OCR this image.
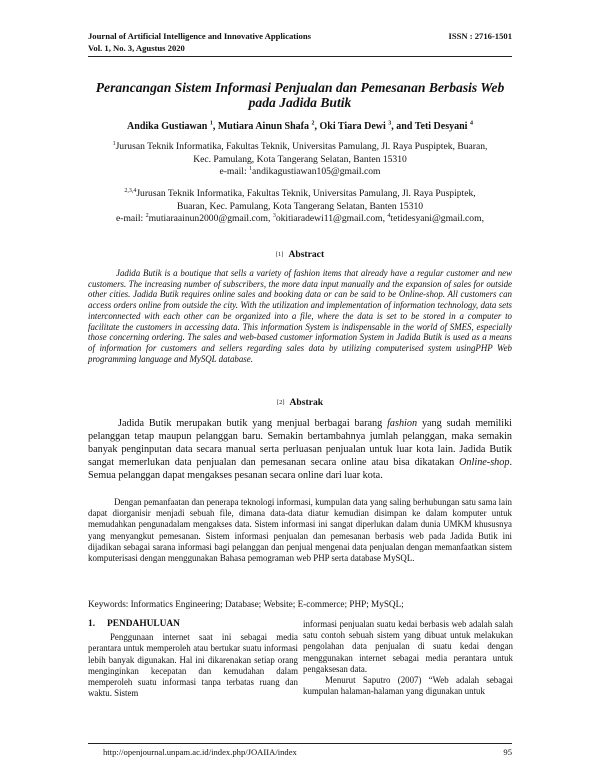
Journal of Artificial Intelligence and Innovative Applications
Vol. 1, No. 3, Agustus 2020
ISSN : 2716-1501
Perancangan Sistem Informasi Penjualan dan Pemesanan Berbasis Web pada Jadida Butik
Andika Gustiawan $^1$, Mutiara Ainun Shafa $^2$, Oki Tiara Dewi $^3$, and Teti Desyani $^4$
$^1$Jurusan Teknik Informatika, Fakultas Teknik, Universitas Pamulang, Jl. Raya Puspiptek, Buaran,
Kec. Pamulang, Kota Tangerang Selatan, Banten 15310
e-mail: $^1$andikagustiawan105@gmail.com
$^{2,3,4}$Jurusan Teknik Informatika, Fakultas Teknik, Universitas Pamulang, Jl. Raya Puspiptek,
Buaran, Kec. Pamulang, Kota Tangerang Selatan, Banten 15310
e-mail: $^2$mutiaraainun2000@gmail.com, $^3$okitiaradewi11@gmail.com, $^4$tetidesyani@gmail.com,
[1] Abstract

Jadida Butik is a boutique that sells a variety of fashion items that already have a regular customer and new customers. The increasing number of subscribers, the more data input manually and the expansion of sales for outside other cities. Jadida Butik requires online sales and booking data or can be said to be Online-shop. All customers can access orders online from outside the city. With the utilization and implementation of information technology, data sets interconnected with each other can be organized into a file, where the data is set to be stored in a computer to facilitate the customers in accessing data. This information System is indispensable in the world of SMES, especially those concerning ordering. The sales and web-based customer information System in Jadida Butik is used as a means of information for customers and sellers regarding sales data by utilizing computerised system usingPHP Web programming language and MySQL database.

[2] Abstrak

Jadida Butik merupakan butik yang menjual berbagai barang fashion yang sudah memiliki pelanggan tetap maupun pelanggan baru. Semakin bertambahnya jumlah pelanggan, maka semakin banyak penginputan data secara manual serta perluasan penjualan untuk luar kota lain. Jadida Butik sangat memerlukan data penjualan dan pemesanan secara online atau bisa dikatakan Online-shop. Semua pelanggan dapat mengakses pesanan secara online dari luar kota.

Dengan pemanfaatan dan penerapa teknologi informasi, kumpulan data yang saling berhubungan satu sama lain dapat diorganisir menjadi sebuah file, dimana data-data diatur kemudian disimpan ke dalam komputer untuk memudahkan pengunadalam mengakses data. Sistem informasi ini sangat diperlukan dalam dunia UMKM khususnya yang menyangkut pemesanan. Sistem informasi penjualan dan pemesanan berbasis web pada Jadida Butik ini dijadikan sebagai sarana informasi bagi pelanggan dan penjual mengenai data penjualan dengan memanfaatkan sistem komputerisasi dengan menggunakan Bahasa pemograman web PHP serta database MySQL.

Keywords: Informatics Engineering; Database; Website; E-commerce; PHP; MySQL;
1. PENDAHULUAN

Penggunaan internet saat ini sebagai media perantara untuk memperoleh atau bertukar suatu informasi lebih banyak digunakan. Hal ini dikarenakan setiap orang menginginkan kecepatan dan kemudahan dalam memperoleh suatu informasi tanpa terbatas ruang dan waktu. Sistem

informasi penjualan suatu kedai berbasis web adalah salah satu contoh sebuah sistem yang dibuat untuk melakukan pengolahan data penjualan di suatu kedai dengan menggunakan internet sebagai media perantara untuk pengaksesan data.

Menurut Saputro (2007) “Web adalah sebagai kumpulan halaman-halaman yang digunakan untuk

http://openjournal.unpam.ac.id/index.php/JOAIIA/index	95
